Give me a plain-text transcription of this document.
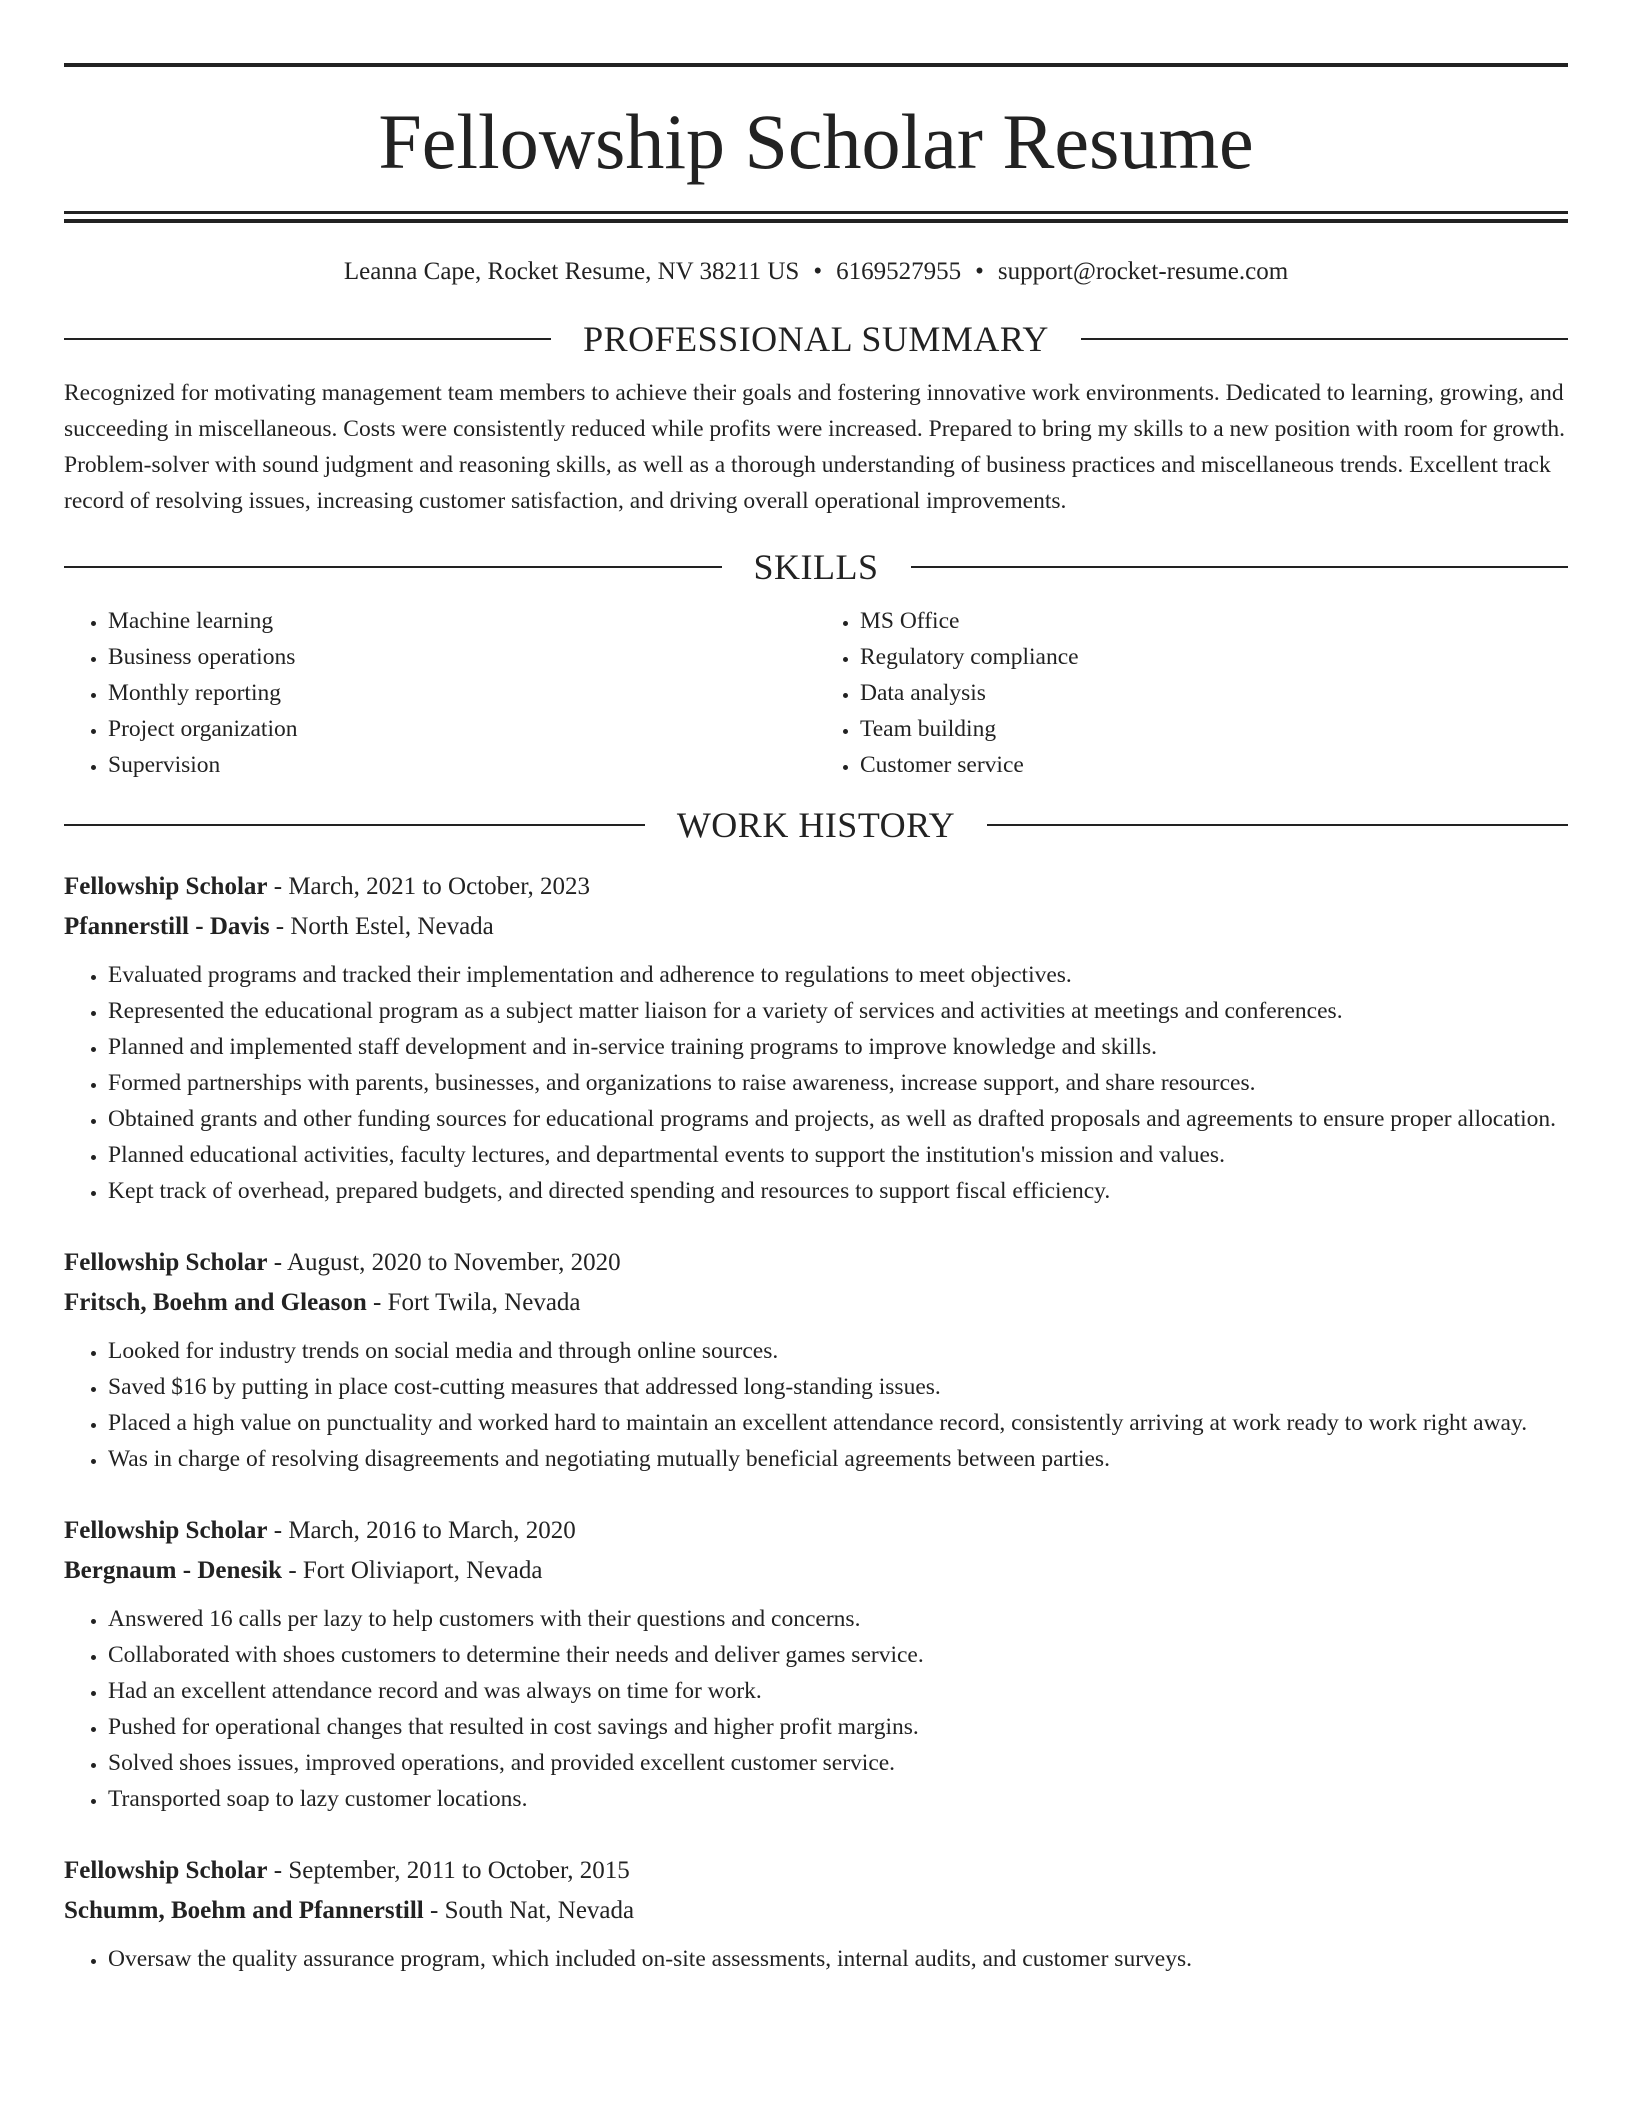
Fellowship Scholar Resume
Leanna Cape, Rocket Resume, NV 38211 US • 6169527955 • support@rocket-resume.com
PROFESSIONAL SUMMARY
Recognized for motivating management team members to achieve their goals and fostering innovative work environments. Dedicated to learning, growing, and succeeding in miscellaneous. Costs were consistently reduced while profits were increased. Prepared to bring my skills to a new position with room for growth. Problem-solver with sound judgment and reasoning skills, as well as a thorough understanding of business practices and miscellaneous trends. Excellent track record of resolving issues, increasing customer satisfaction, and driving overall operational improvements.
SKILLS
• Machine learning
• Business operations
• Monthly reporting
• Project organization
• Supervision
• MS Office
• Regulatory compliance
• Data analysis
• Team building
• Customer service
WORK HISTORY
Fellowship Scholar - March, 2021 to October, 2023
Pfannerstill - Davis - North Estel, Nevada
• Evaluated programs and tracked their implementation and adherence to regulations to meet objectives.
• Represented the educational program as a subject matter liaison for a variety of services and activities at meetings and conferences.
• Planned and implemented staff development and in-service training programs to improve knowledge and skills.
• Formed partnerships with parents, businesses, and organizations to raise awareness, increase support, and share resources.
• Obtained grants and other funding sources for educational programs and projects, as well as drafted proposals and agreements to ensure proper allocation.
• Planned educational activities, faculty lectures, and departmental events to support the institution's mission and values.
• Kept track of overhead, prepared budgets, and directed spending and resources to support fiscal efficiency.
Fellowship Scholar - August, 2020 to November, 2020
Fritsch, Boehm and Gleason - Fort Twila, Nevada
• Looked for industry trends on social media and through online sources.
• Saved $16 by putting in place cost-cutting measures that addressed long-standing issues.
• Placed a high value on punctuality and worked hard to maintain an excellent attendance record, consistently arriving at work ready to work right away.
• Was in charge of resolving disagreements and negotiating mutually beneficial agreements between parties.
Fellowship Scholar - March, 2016 to March, 2020
Bergnaum - Denesik - Fort Oliviaport, Nevada
• Answered 16 calls per lazy to help customers with their questions and concerns.
• Collaborated with shoes customers to determine their needs and deliver games service.
• Had an excellent attendance record and was always on time for work.
• Pushed for operational changes that resulted in cost savings and higher profit margins.
• Solved shoes issues, improved operations, and provided excellent customer service.
• Transported soap to lazy customer locations.
Fellowship Scholar - September, 2011 to October, 2015
Schumm, Boehm and Pfannerstill - South Nat, Nevada
• Oversaw the quality assurance program, which included on-site assessments, internal audits, and customer surveys.
